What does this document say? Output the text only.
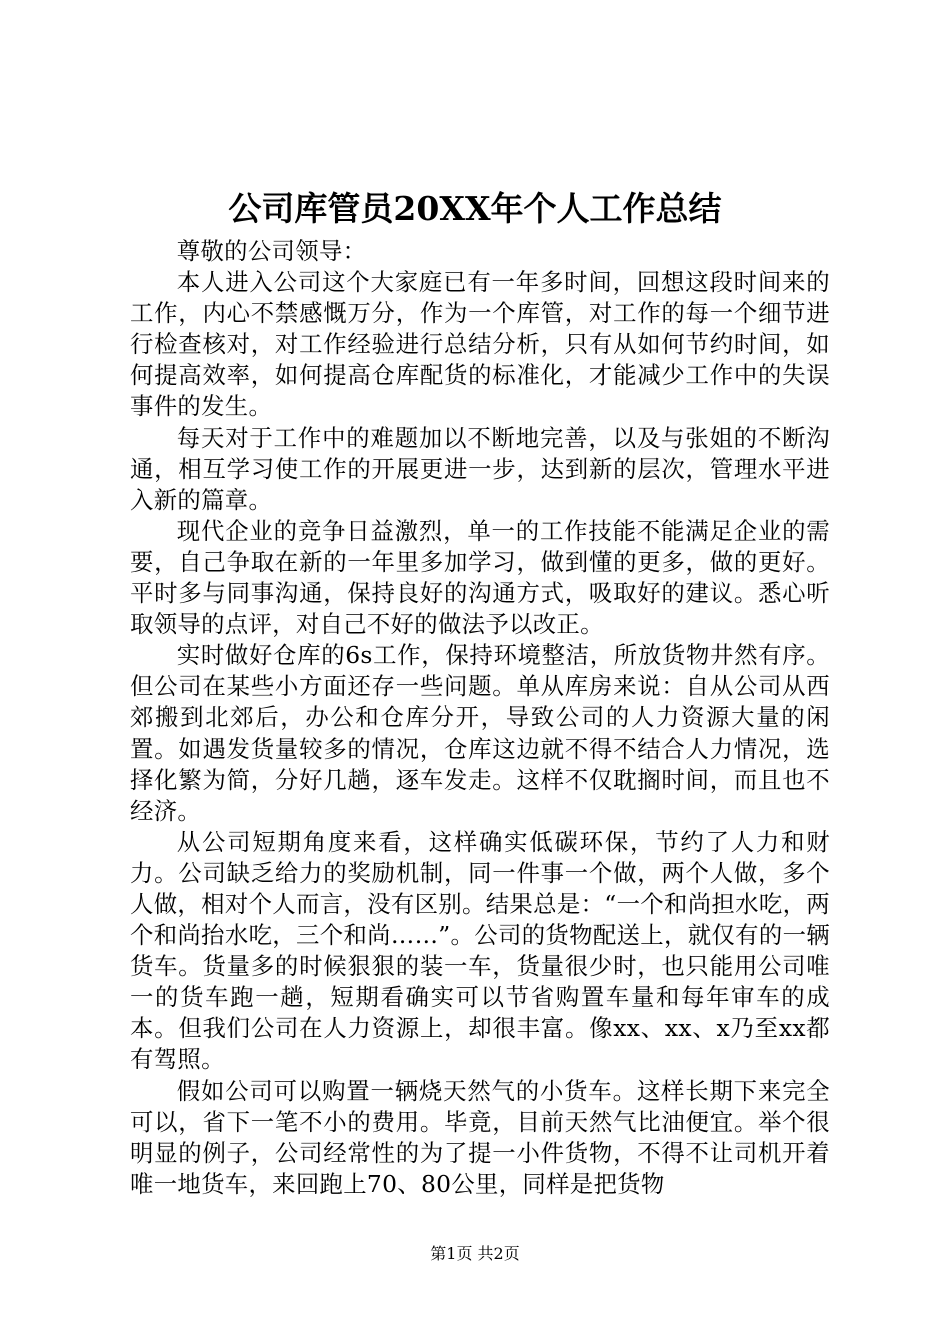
公司库管员20XX年个人工作总结

尊敬的公司领导：

本人进入公司这个大家庭已有一年多时间，回想这段时间来的工作，内心不禁感慨万分，作为一个库管，对工作的每一个细节进行检查核对，对工作经验进行总结分析，只有从如何节约时间，如何提高效率，如何提高仓库配货的标准化，才能减少工作中的失误事件的发生。

每天对于工作中的难题加以不断地完善，以及与张姐的不断沟通，相互学习使工作的开展更进一步，达到新的层次，管理水平进入新的篇章。

现代企业的竞争日益激烈，单一的工作技能不能满足企业的需要，自己争取在新的一年里多加学习，做到懂的更多，做的更好。平时多与同事沟通，保持良好的沟通方式，吸取好的建议。悉心听取领导的点评，对自己不好的做法予以改正。

实时做好仓库的6s工作，保持环境整洁，所放货物井然有序。但公司在某些小方面还存一些问题。单从库房来说：自从公司从西郊搬到北郊后，办公和仓库分开，导致公司的人力资源大量的闲置。如遇发货量较多的情况，仓库这边就不得不结合人力情况，选择化繁为简，分好几趟，逐车发走。这样不仅耽搁时间，而且也不经济。

从公司短期角度来看，这样确实低碳环保，节约了人力和财力。公司缺乏给力的奖励机制，同一件事一个做，两个人做，多个人做，相对个人而言，没有区别。结果总是：“一个和尚担水吃，两个和尚抬水吃，三个和尚……”。公司的货物配送上，就仅有的一辆货车。货量多的时候狠狠的装一车，货量很少时，也只能用公司唯一的货车跑一趟，短期看确实可以节省购置车量和每年审车的成本。但我们公司在人力资源上，却很丰富。像xx、xx、x乃至xx都有驾照。

假如公司可以购置一辆烧天然气的小货车。这样长期下来完全可以，省下一笔不小的费用。毕竟，目前天然气比油便宜。举个很明显的例子，公司经常性的为了提一小件货物，不得不让司机开着唯一地货车，来回跑上70、80公里，同样是把货物

第1页 共2页
